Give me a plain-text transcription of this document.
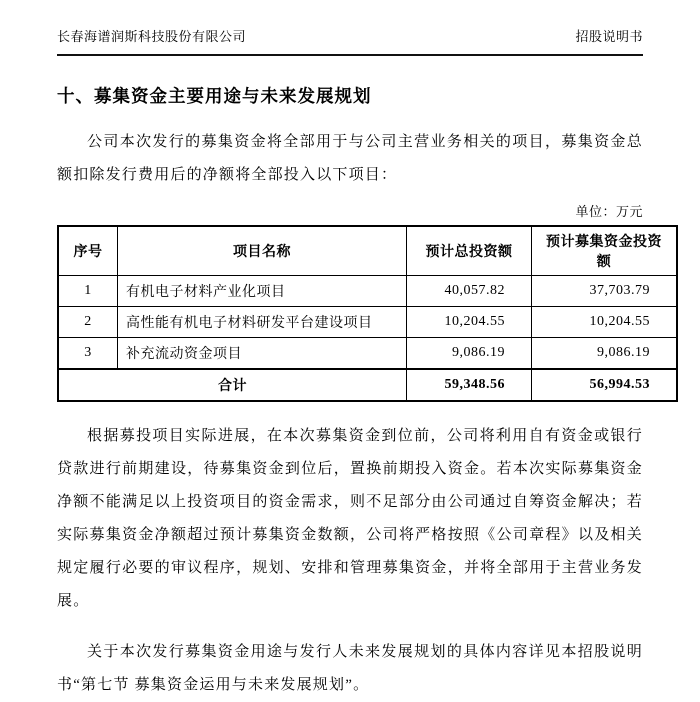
长春海谱润斯科技股份有限公司	招股说明书
十、募集资金主要用途与未来发展规划

公司本次发行的募集资金将全部用于与公司主营业务相关的项目，募集资金总额扣除发行费用后的净额将全部投入以下项目：

单位：万元
序号	项目名称	预计总投资额	预计募集资金投资额
1	有机电子材料产业化项目	40,057.82	37,703.79
2	高性能有机电子材料研发平台建设项目	10,204.55	10,204.55
3	补充流动资金项目	9,086.19	9,086.19
合计		59,348.56	56,994.53

根据募投项目实际进展，在本次募集资金到位前，公司将利用自有资金或银行贷款进行前期建设，待募集资金到位后，置换前期投入资金。若本次实际募集资金净额不能满足以上投资项目的资金需求，则不足部分由公司通过自筹资金解决；若实际募集资金净额超过预计募集资金数额，公司将严格按照《公司章程》以及相关规定履行必要的审议程序，规划、安排和管理募集资金，并将全部用于主营业务发展。

关于本次发行募集资金用途与发行人未来发展规划的具体内容详见本招股说明书“第七节 募集资金运用与未来发展规划”。
